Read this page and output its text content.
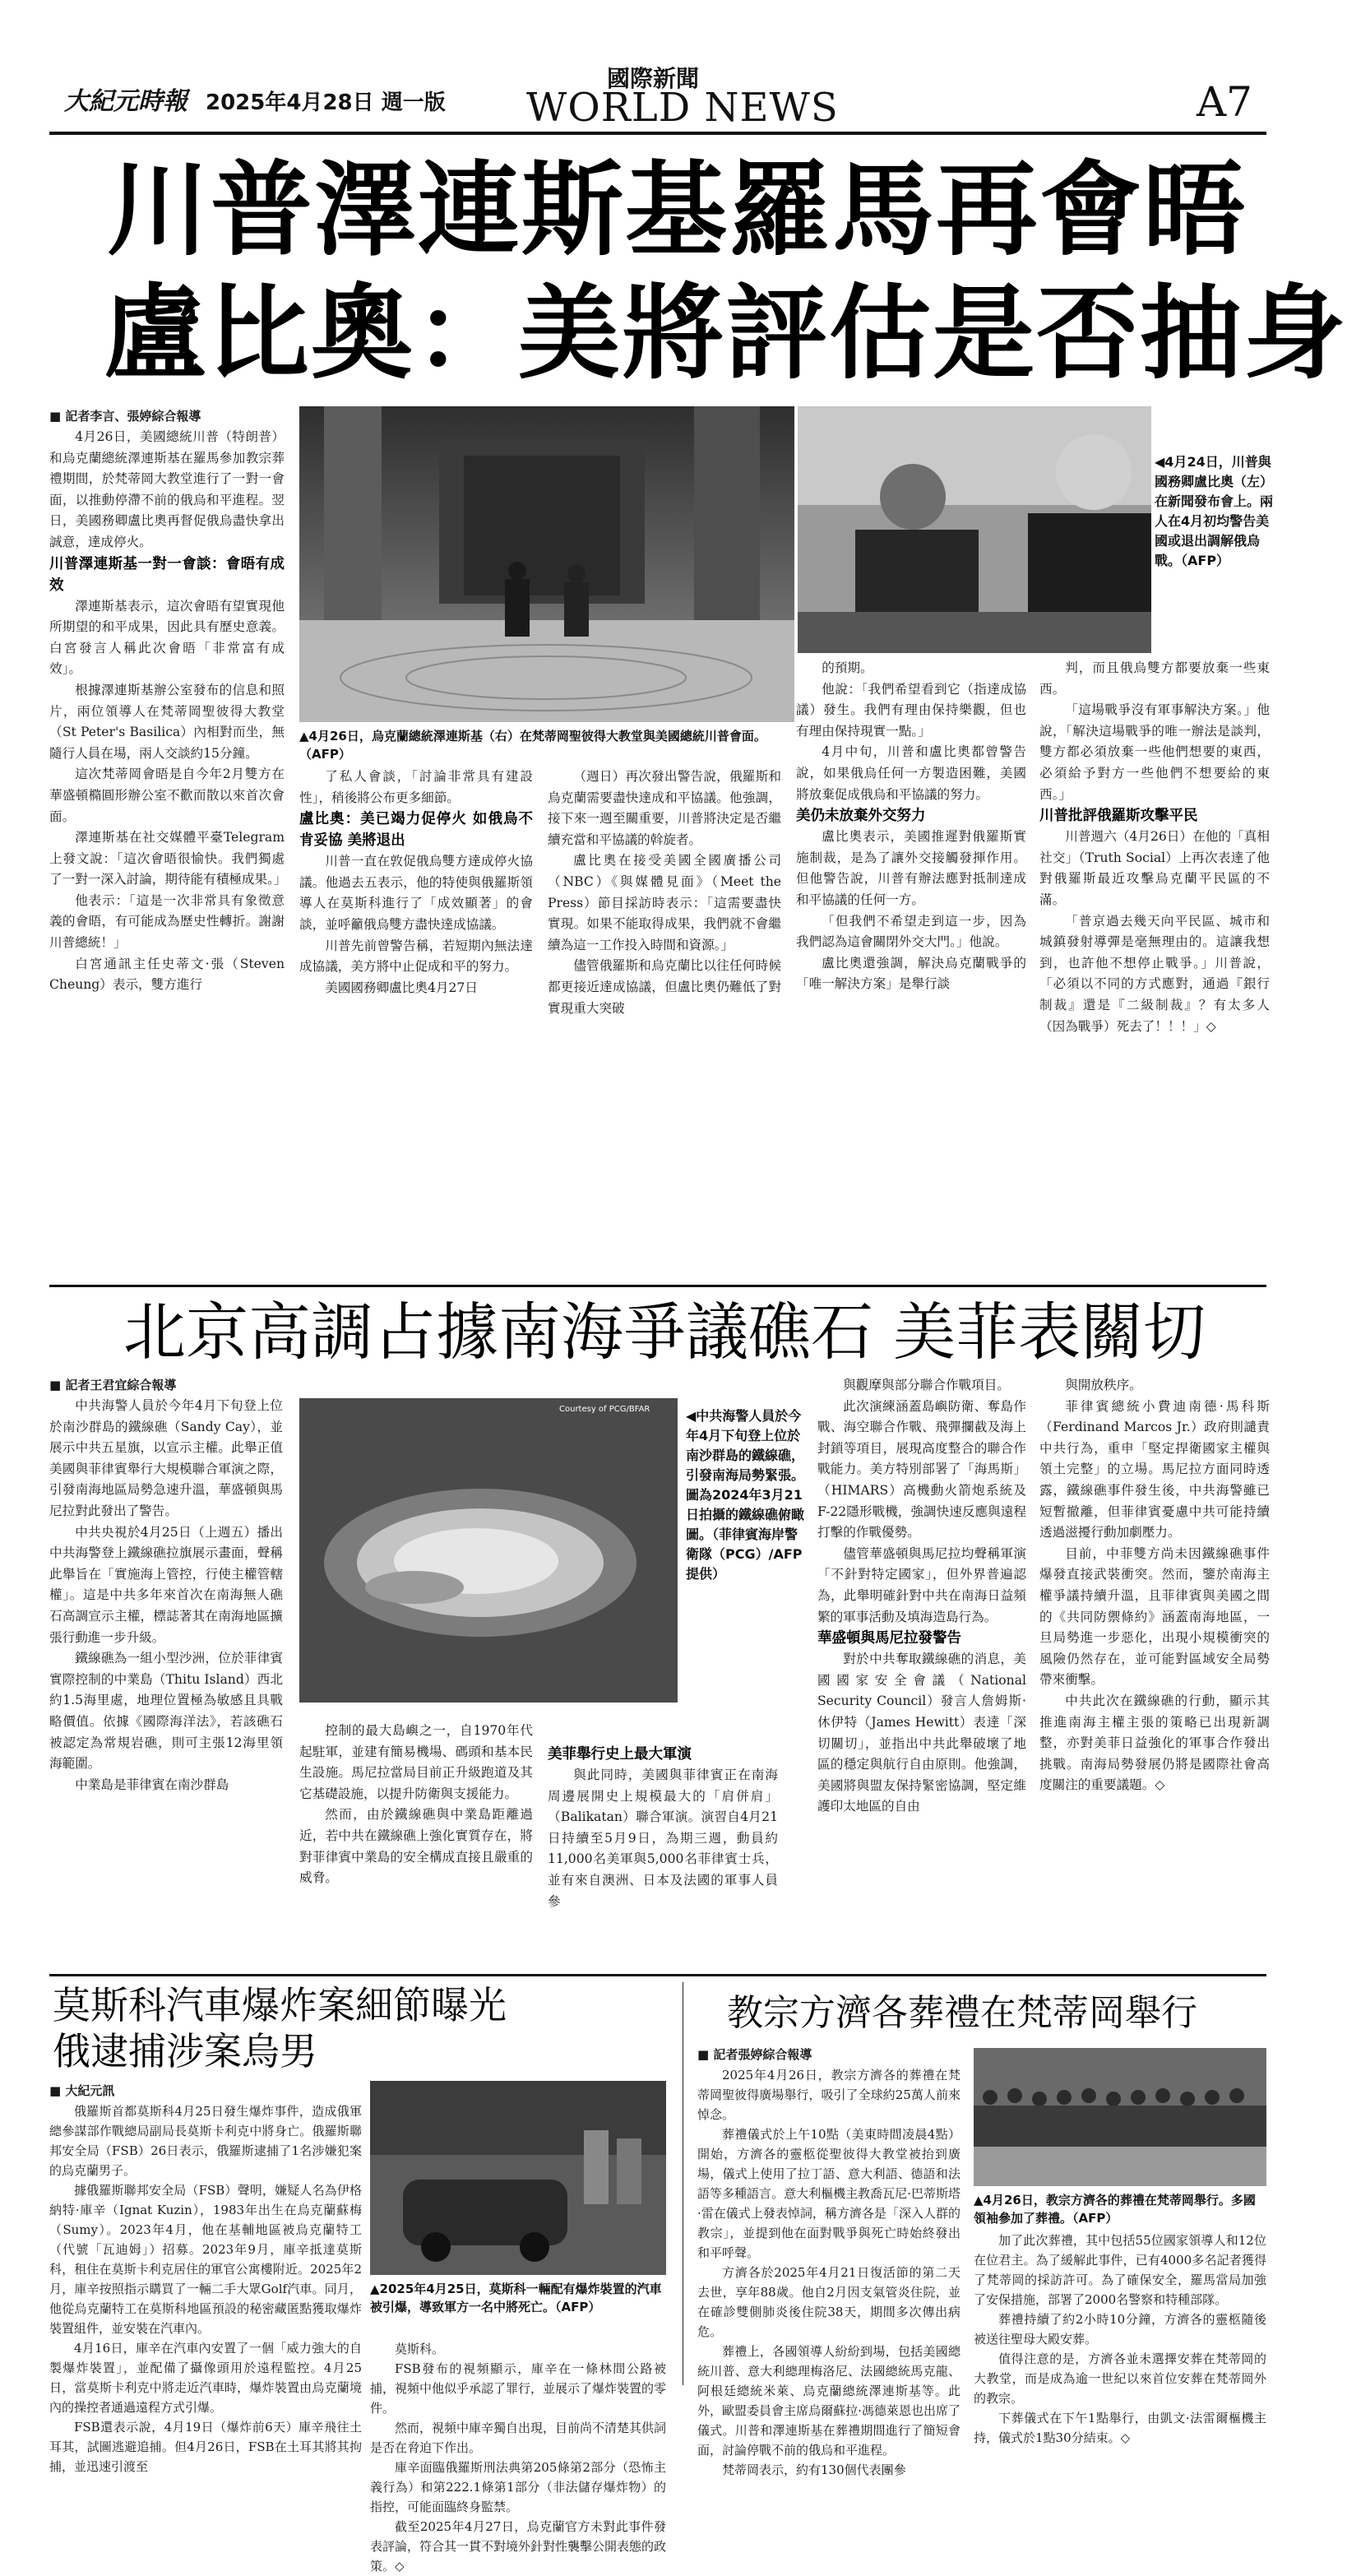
大紀元時報 2025年4月28日 週一版
國際新聞
WORLD NEWS	A7
川普澤連斯基羅馬再會晤
盧比奧：美將評估是否抽身

■ 記者李言、張婷綜合報導

4月26日，美國總統川普（特朗普）和烏克蘭總統澤連斯基在羅馬參加教宗葬禮期間，於梵蒂岡大教堂進行了一對一會面，以推動停滯不前的俄烏和平進程。翌日，美國務卿盧比奧再督促俄烏盡快拿出誠意，達成停火。

川普澤連斯基一對一會談：會晤有成效

澤連斯基表示，這次會晤有望實現他所期望的和平成果，因此具有歷史意義。白宮發言人稱此次會晤「非常富有成效」。

根據澤連斯基辦公室發布的信息和照片，兩位領導人在梵蒂岡聖彼得大教堂（St Peter's Basilica）內相對而坐，無隨行人員在場，兩人交談約15分鐘。

這次梵蒂岡會晤是自今年2月雙方在華盛頓橢圓形辦公室不歡而散以來首次會面。

澤連斯基在社交媒體平臺Telegram上發文說：「這次會晤很愉快。我們獨處了一對一深入討論，期待能有積極成果。」

他表示：「這是一次非常具有象徵意義的會晤，有可能成為歷史性轉折。謝謝川普總統！」

白宮通訊主任史蒂文·張（Steven Cheung）表示，雙方進行

▲4月26日，烏克蘭總統澤連斯基（右）在梵蒂岡聖彼得大教堂與美國總統川普會面。（AFP）
◀4月24日，川普與國務卿盧比奧（左）在新聞發布會上。兩人在4月初均警告美國或退出調解俄烏戰。（AFP）

了私人會談，「討論非常具有建設性」，稍後將公布更多細節。

盧比奧：美已竭力促停火 如俄烏不肯妥協 美將退出

川普一直在敦促俄烏雙方達成停火協議。他過去五表示，他的特使與俄羅斯領導人在莫斯科進行了「成效顯著」的會談，並呼籲俄烏雙方盡快達成協議。

川普先前曾警告稱，若短期內無法達成協議，美方將中止促成和平的努力。

美國國務卿盧比奧4月27日

（週日）再次發出警告說，俄羅斯和烏克蘭需要盡快達成和平協議。他強調，接下來一週至關重要，川普將決定是否繼續充當和平協議的斡旋者。

盧比奧在接受美國全國廣播公司（NBC）《與媒體見面》（Meet the Press）節目採訪時表示：「這需要盡快實現。如果不能取得成果，我們就不會繼續為這一工作投入時間和資源。」

儘管俄羅斯和烏克蘭比以往任何時候都更接近達成協議，但盧比奧仍難低了對實現重大突破

的預期。

他說：「我們希望看到它（指達成協議）發生。我們有理由保持樂觀，但也有理由保持現實一點。」

4月中旬，川普和盧比奧都曾警告說，如果俄烏任何一方製造困難，美國將放棄促成俄烏和平協議的努力。

美仍未放棄外交努力

盧比奧表示，美國推遲對俄羅斯實施制裁，是為了讓外交接觸發揮作用。但他警告說，川普有辦法應對抵制達成和平協議的任何一方。

「但我們不希望走到這一步，因為我們認為這會關閉外交大門。」他說。

盧比奧還強調，解決烏克蘭戰爭的「唯一解決方案」是舉行談

判，而且俄烏雙方都要放棄一些東西。

「這場戰爭沒有軍事解決方案。」他說，「解決這場戰爭的唯一辦法是談判，雙方都必須放棄一些他們想要的東西，必須給予對方一些他們不想要給的東西。」

川普批評俄羅斯攻擊平民

川普週六（4月26日）在他的「真相社交」（Truth Social）上再次表達了他對俄羅斯最近攻擊烏克蘭平民區的不滿。

「普京過去幾天向平民區、城市和城鎮發射導彈是毫無理由的。這讓我想到，也許他不想停止戰爭。」川普說，「必須以不同的方式應對，通過『銀行制裁』還是『二級制裁』？有太多人（因為戰爭）死去了！！！」◇

北京高調占據南海爭議礁石 美菲表關切

■ 記者王君宜綜合報導

中共海警人員於今年4月下旬登上位於南沙群島的鐵線礁（Sandy Cay），並展示中共五星旗，以宣示主權。此舉正值美國與菲律賓舉行大規模聯合軍演之際，引發南海地區局勢急速升溫，華盛頓與馬尼拉對此發出了警告。

中共央視於4月25日（上週五）播出中共海警登上鐵線礁拉旗展示畫面，聲稱此舉旨在「實施海上管控，行使主權管轄權」。這是中共多年來首次在南海無人礁石高調宣示主權，標誌著其在南海地區擴張行動進一步升級。

鐵線礁為一組小型沙洲，位於菲律賓實際控制的中業島（Thitu Island）西北約1.5海里處，地理位置極為敏感且具戰略價值。依據《國際海洋法》，若該礁石被認定為常規岩礁，則可主張12海里領海範圍。

中業島是菲律賓在南沙群島

Courtesy of PCG/BFAR	◀中共海警人員於今年4月下旬登上位於南沙群島的鐵線礁，引發南海局勢緊張。圖為2024年3月21日拍攝的鐵線礁俯瞰圖。（菲律賓海岸警衛隊（PCG）/AFP提供）

控制的最大島嶼之一，自1970年代起駐軍，並建有簡易機場、碼頭和基本民生設施。馬尼拉當局目前正升級跑道及其它基礎設施，以提升防衛與支援能力。

然而，由於鐵線礁與中業島距離過近，若中共在鐵線礁上強化實質存在，將對菲律賓中業島的安全構成直接且嚴重的威脅。

美菲舉行史上最大軍演

與此同時，美國與菲律賓正在南海周邊展開史上規模最大的「肩併肩」（Balikatan）聯合軍演。演習自4月21日持續至5月9日，為期三週，動員約11,000名美軍與5,000名菲律賓士兵，並有來自澳洲、日本及法國的軍事人員參

與觀摩與部分聯合作戰項目。

此次演練涵蓋島嶼防衛、奪島作戰、海空聯合作戰、飛彈攔截及海上封鎖等項目，展現高度整合的聯合作戰能力。美方特別部署了「海馬斯」（HIMARS）高機動火箭炮系統及F-22隱形戰機，強調快速反應與遠程打擊的作戰優勢。

儘管華盛頓與馬尼拉均聲稱軍演「不針對特定國家」，但外界普遍認為，此舉明確針對中共在南海日益頻繁的軍事活動及填海造島行為。

華盛頓與馬尼拉發警告

對於中共奪取鐵線礁的消息，美國國家安全會議（National Security Council）發言人詹姆斯·休伊特（James Hewitt）表達「深切關切」，並指出中共此舉破壞了地區的穩定與航行自由原則。他強調，美國將與盟友保持緊密協調，堅定維護印太地區的自由

與開放秩序。

菲律賓總統小費迪南德·馬科斯（Ferdinand Marcos Jr.）政府則譴責中共行為，重申「堅定捍衛國家主權與領土完整」的立場。馬尼拉方面同時透露，鐵線礁事件發生後，中共海警雖已短暫撤離，但菲律賓憂慮中共可能持續透過滋擾行動加劇壓力。

目前，中菲雙方尚未因鐵線礁事件爆發直接武裝衝突。然而，鑒於南海主權爭議持續升溫，且菲律賓與美國之間的《共同防禦條約》涵蓋南海地區，一旦局勢進一步惡化，出現小規模衝突的風險仍然存在，並可能對區域安全局勢帶來衝擊。

中共此次在鐵線礁的行動，顯示其推進南海主權主張的策略已出現新調整，亦對美菲日益強化的軍事合作發出挑戰。南海局勢發展仍將是國際社會高度關注的重要議題。◇

莫斯科汽車爆炸案細節曝光
俄逮捕涉案烏男

■ 大紀元訊

俄羅斯首都莫斯科4月25日發生爆炸事件，造成俄軍總參謀部作戰總局副局長莫斯卡利克中將身亡。俄羅斯聯邦安全局（FSB）26日表示，俄羅斯逮捕了1名涉嫌犯案的烏克蘭男子。

據俄羅斯聯邦安全局（FSB）聲明，嫌疑人名為伊格納特·庫辛（Ignat Kuzin），1983年出生在烏克蘭蘇梅（Sumy）。2023年4月，他在基輔地區被烏克蘭特工（代號「瓦迪姆」）招募。2023年9月，庫辛抵達莫斯科，租住在莫斯卡利克居住的軍官公寓樓附近。2025年2月，庫辛按照指示購買了一輛二手大眾Golf汽車。同月，他從烏克蘭特工在莫斯科地區預設的秘密藏匿點獲取爆炸裝置組件，並安裝在汽車內。

4月16日，庫辛在汽車內安置了一個「威力強大的自製爆炸裝置」，並配備了攝像頭用於遠程監控。4月25日，當莫斯卡利克中將走近汽車時，爆炸裝置由烏克蘭境內的操控者通過遠程方式引爆。

FSB還表示說，4月19日（爆炸前6天）庫辛飛往土耳其，試圖逃避追捕。但4月26日，FSB在土耳其將其拘捕，並迅速引渡至

▲2025年4月25日，莫斯科一輛配有爆炸裝置的汽車被引爆，導致軍方一名中將死亡。（AFP）

莫斯科。

FSB發布的視頻顯示，庫辛在一條林間公路被捕，視頻中他似乎承認了罪行，並展示了爆炸裝置的零件。

然而，視頻中庫辛獨自出現，目前尚不清楚其供詞是否在脅迫下作出。

庫辛面臨俄羅斯刑法典第205條第2部分（恐怖主義行為）和第222.1條第1部分（非法儲存爆炸物）的指控，可能面臨終身監禁。

截至2025年4月27日，烏克蘭官方未對此事件發表評論，符合其一貫不對境外針對性襲擊公開表態的政策。◇

教宗方濟各葬禮在梵蒂岡舉行

■ 記者張婷綜合報導

2025年4月26日，教宗方濟各的葬禮在梵蒂岡聖彼得廣場舉行，吸引了全球約25萬人前來悼念。

葬禮儀式於上午10點（美東時間凌晨4點）開始，方濟各的靈柩從聖彼得大教堂被抬到廣場，儀式上使用了拉丁語、意大利語、德語和法語等多種語言。意大利樞機主教喬瓦尼·巴蒂斯塔·雷在儀式上發表悼詞，稱方濟各是「深入人群的教宗」，並提到他在面對戰爭與死亡時始終發出和平呼聲。

方濟各於2025年4月21日復活節的第二天去世，享年88歲。他自2月因支氣管炎住院，並在確診雙側肺炎後住院38天，期間多次傳出病危。

葬禮上，各國領導人紛紛到場，包括美國總統川普、意大利總理梅洛尼、法國總統馬克龍、阿根廷總統米萊、烏克蘭總統澤連斯基等。此外，歐盟委員會主席烏爾蘇拉·馮德萊恩也出席了儀式。川普和澤連斯基在葬禮期間進行了簡短會面，討論停戰不前的俄烏和平進程。

梵蒂岡表示，約有130個代表團參

▲4月26日，教宗方濟各的葬禮在梵蒂岡舉行。多國領袖參加了葬禮。（AFP）

加了此次葬禮，其中包括55位國家領導人和12位在位君主。為了緩解此事件，已有4000多名記者獲得了梵蒂岡的採訪許可。為了確保安全，羅馬當局加強了安保措施，部署了2000名警察和特種部隊。

葬禮持續了約2小時10分鐘，方濟各的靈柩隨後被送往聖母大殿安葬。

值得注意的是，方濟各並未選擇安葬在梵蒂岡的大教堂，而是成為逾一世紀以來首位安葬在梵蒂岡外的教宗。

下葬儀式在下午1點舉行，由凱文·法雷爾樞機主持，儀式於1點30分結束。◇
